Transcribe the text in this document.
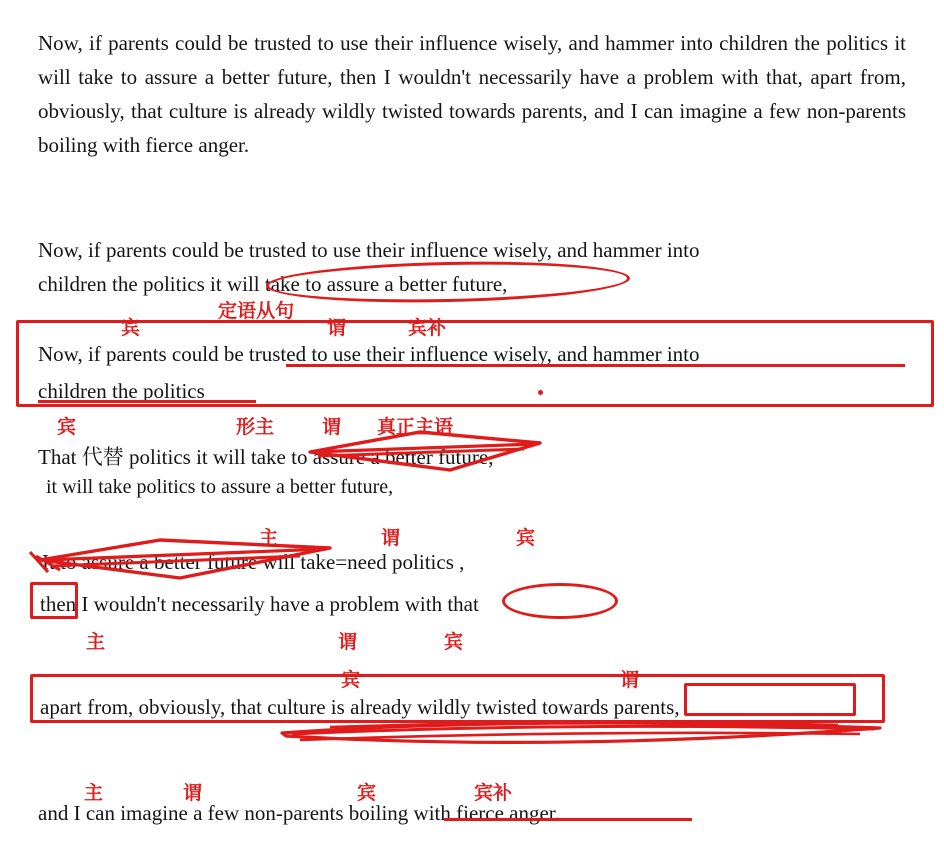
Now, if parents could be trusted to use their influence wisely, and hammer into children the politics it will take to assure a better future, then I wouldn't necessarily have a problem with that, apart from, obviously, that culture is already wildly twisted towards parents, and I can imagine a few non-parents boiling with fierce anger.
Now, if parents could be trusted to use their influence wisely, and hammer into
children the politics it will take to assure a better future,
Now, if parents could be trusted to use their influence wisely, and hammer into
children the politics
That 代替 politics it will take to assure a better future,
it will take politics to assure a better future,
It to assure a better future will take=need politics ,
then I wouldn't necessarily have a problem with that
apart from, obviously, that culture is already wildly twisted towards parents,
and I can imagine a few non-parents boiling with fierce anger.
定语从句
宾	谓	宾补
宾	形主	谓 真正主语
主	谓	宾
主	谓	宾
宾	谓
主	谓	宾	宾补
